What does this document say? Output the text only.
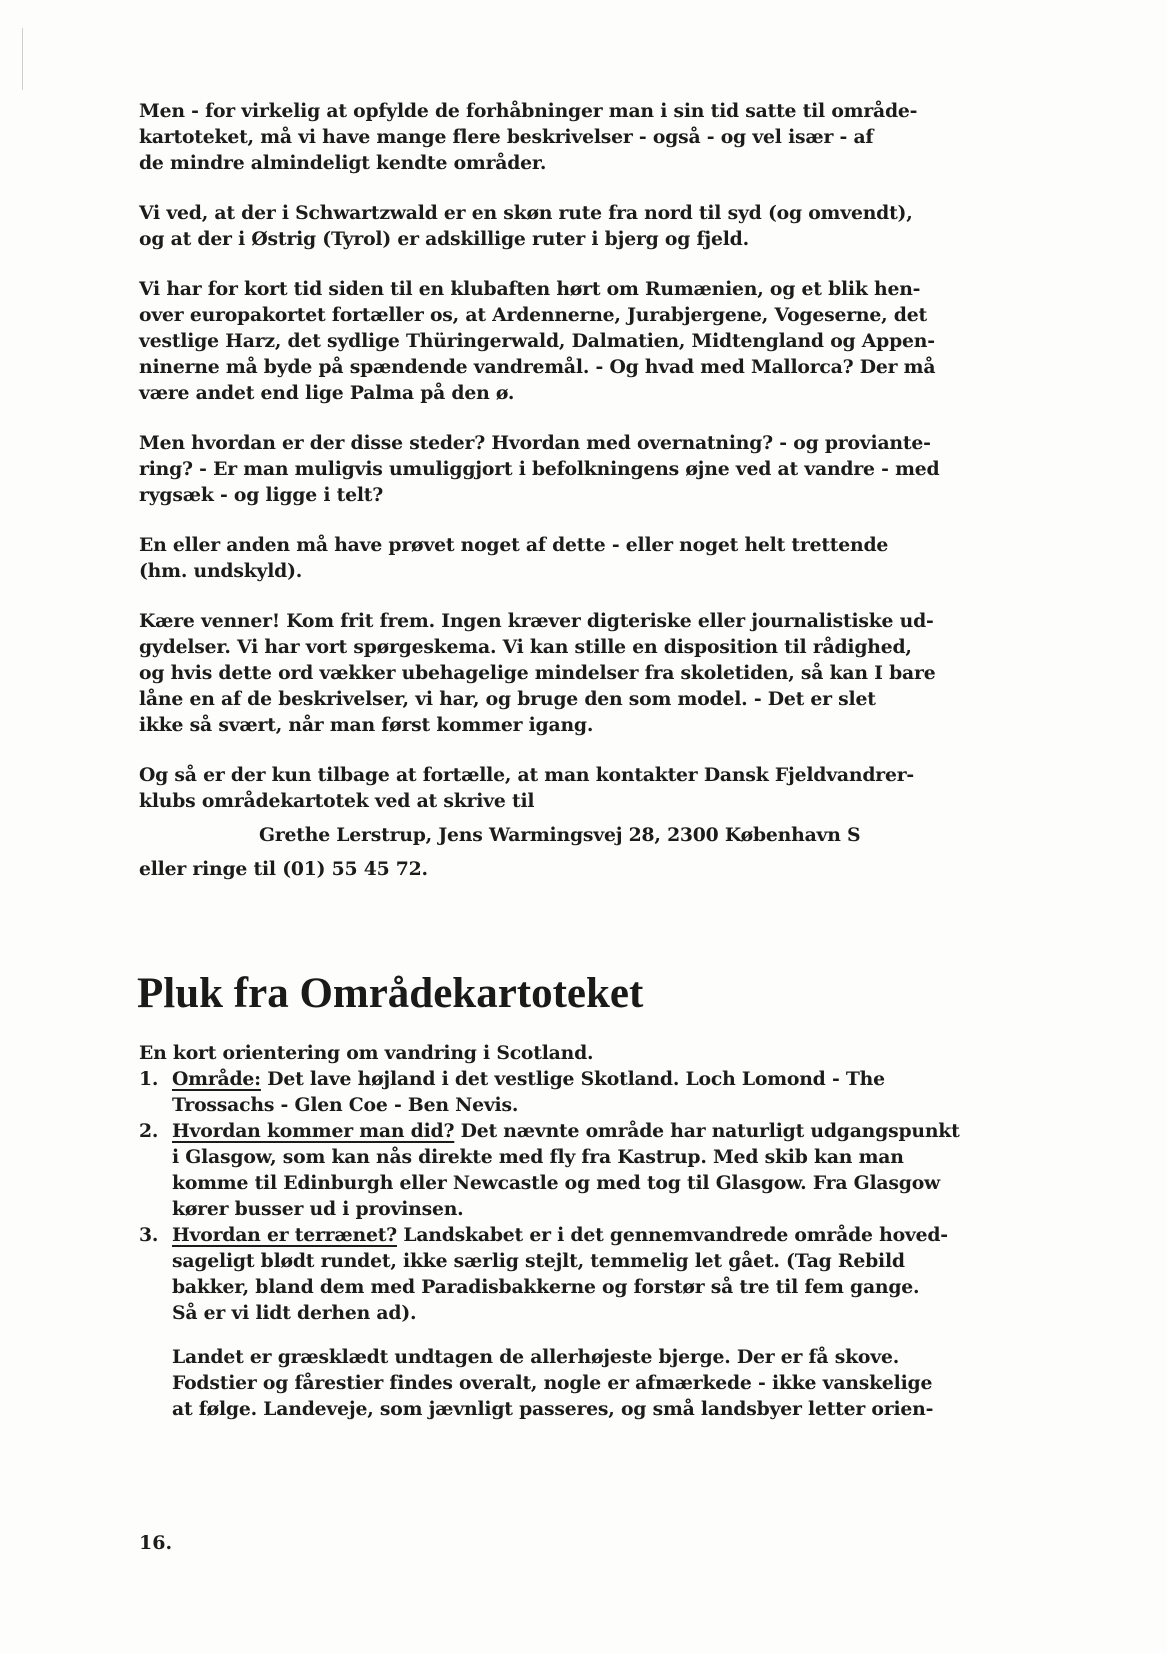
Men - for virkelig at opfylde de forhåbninger man i sin tid satte til område-

kartoteket, må vi have mange flere beskrivelser - også - og vel især - af

de mindre almindeligt kendte områder.

Vi ved, at der i Schwartzwald er en skøn rute fra nord til syd (og omvendt),

og at der i Østrig (Tyrol) er adskillige ruter i bjerg og fjeld.

Vi har for kort tid siden til en klubaften hørt om Rumænien, og et blik hen-

over europakortet fortæller os, at Ardennerne, Jurabjergene, Vogeserne, det

vestlige Harz, det sydlige Thüringerwald, Dalmatien, Midtengland og Appen-

ninerne må byde på spændende vandremål. - Og hvad med Mallorca? Der må

være andet end lige Palma på den ø.

Men hvordan er der disse steder? Hvordan med overnatning? - og proviante-

ring? - Er man muligvis umuliggjort i befolkningens øjne ved at vandre - med

rygsæk - og ligge i telt?

En eller anden må have prøvet noget af dette - eller noget helt trettende

(hm. undskyld).

Kære venner! Kom frit frem. Ingen kræver digteriske eller journalistiske ud-

gydelser. Vi har vort spørgeskema. Vi kan stille en disposition til rådighed,

og hvis dette ord vækker ubehagelige mindelser fra skoletiden, så kan I bare

låne en af de beskrivelser, vi har, og bruge den som model. - Det er slet

ikke så svært, når man først kommer igang.

Og så er der kun tilbage at fortælle, at man kontakter Dansk Fjeldvandrer-

klubs områdekartotek ved at skrive til

Grethe Lerstrup, Jens Warmingsvej 28, 2300 København S

eller ringe til (01) 55 45 72.

Pluk fra Områdekartoteket

En kort orientering om vandring i Scotland.

1. Område: Det lave højland i det vestlige Skotland. Loch Lomond - The

Trossachs - Glen Coe - Ben Nevis.

2. Hvordan kommer man did? Det nævnte område har naturligt udgangspunkt

i Glasgow, som kan nås direkte med fly fra Kastrup. Med skib kan man

komme til Edinburgh eller Newcastle og med tog til Glasgow. Fra Glasgow

kører busser ud i provinsen.

3. Hvordan er terrænet? Landskabet er i det gennemvandrede område hoved-

sageligt blødt rundet, ikke særlig stejlt, temmelig let gået. (Tag Rebild

bakker, bland dem med Paradisbakkerne og forstør så tre til fem gange.

Så er vi lidt derhen ad).

Landet er græsklædt undtagen de allerhøjeste bjerge. Der er få skove.

Fodstier og fårestier findes overalt, nogle er afmærkede - ikke vanskelige

at følge. Landeveje, som jævnligt passeres, og små landsbyer letter orien-

16.
